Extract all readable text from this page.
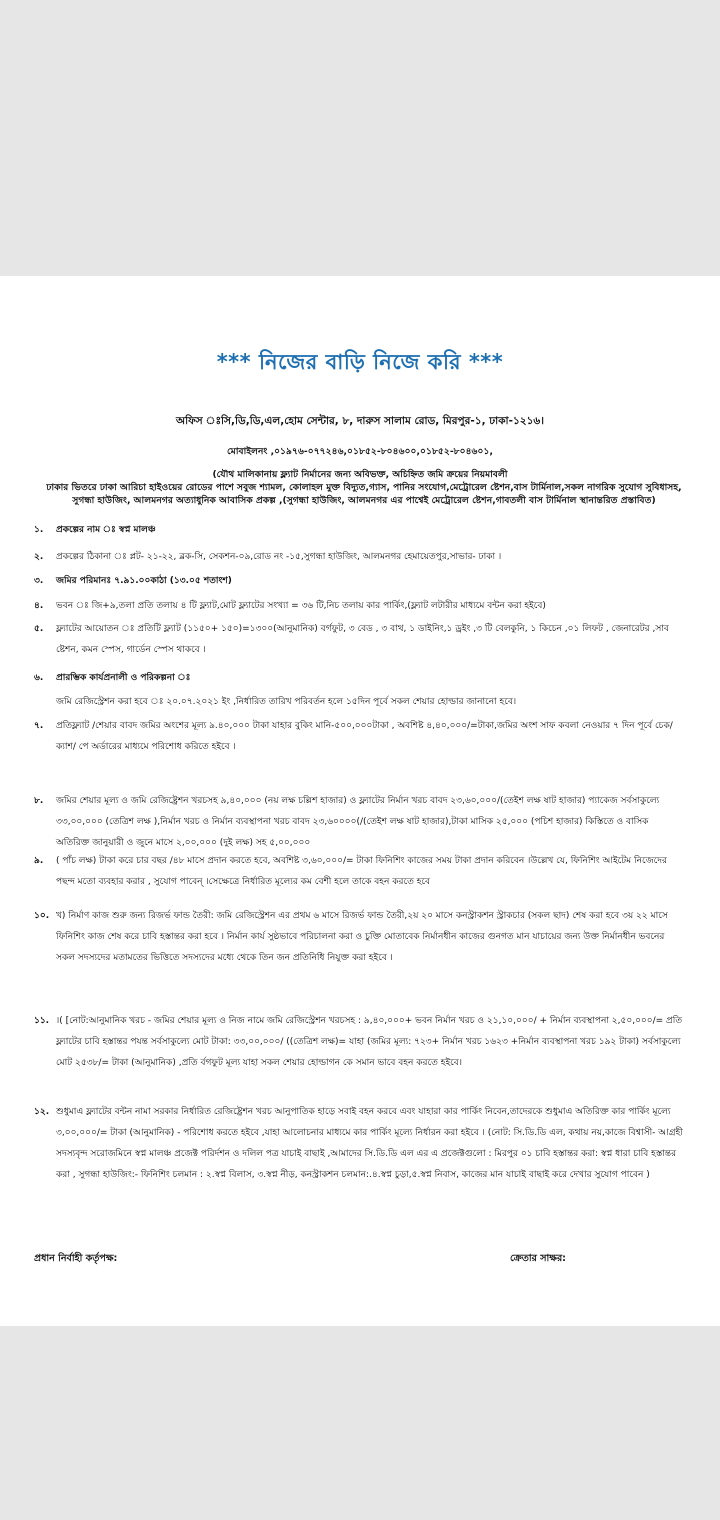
*** নিজের বাড়ি নিজে করি ***
অফিস ঃসি,ডি,ডি,এল,হোম সেন্টার, ৮, দারুস সালাম রোড, মিরপুর-১, ঢাকা-১২১৬।
মোবাইলনং ,০১৯৭৬-০৭৭২৪৬,০১৮৫২-৮০৪৬০০,০১৮৫২-৮০৪৬০১,
(যৌথ মালিকানায় ফ্ল্যাট নির্মানের জন্য অবিভক্ত, অচিহ্নিত জমি ক্রয়ের নিয়মাবলী
ঢাকার ভিতরে ঢাকা আরিচা হাইওয়ের রোডের পাশে সবুজ শ্যামল, কোলাহল মুক্ত বিদ্যুত,গ্যাস, পানির সংযোগ,মেট্রোরেল ষ্টেশন,বাস টার্মিনাল,সকল নাগরিক সুযোগ সুবিধাসহ, সুগন্ধা হাউজিং, আলমনগর অত্যাধুনিক আবাসিক প্রকল্প ,(সুগন্ধা হাউজিং, আলমনগর এর পাশ্বেই মেট্রোরেল ষ্টেশন,গাবতলী বাস টার্মিনাল স্থানান্তরিত প্রস্তাবিত)
১.	প্রকল্পের নাম ঃ স্বপ্ন মালঞ্চ
২.	প্রকল্পের ঠিকানা ঃ প্লট- ২১-২২, ব্লক-সি, সেকশন-০৯,রোড নং -১৫,সুগন্ধা হাউজিং, আলমনগর হেমায়েতপুর,সাভার- ঢাকা ।
৩.	জমির পরিমানঃ ৭.৯১.০০কাঠা (১৩.০৫ শতাংশ)
৪.	ভবন ঃ জি+৯,তলা প্রতি তলায় ৪ টি ফ্ল্যাট,মোট ফ্ল্যাটের সংখ্যা = ৩৬ টি,নিচ তলায় কার পার্কিং,(ফ্ল্যাট লটারীর মাধ্যমে বন্টন করা হইবে)
৫.	ফ্ল্যাটের আয়োতন ঃ প্রতিটি ফ্ল্যাট (১১৫০+ ১৫০)=১৩০০(আনুমানিক) বর্গফুট, ৩ বেড , ৩ বাথ, ১ ডাইনিং,১ ড্রইং ,৩ টি বেলকুনি, ১ কিচেন ,০১ লিফট , জেনারেটর ,সাব ষ্টেশন, কমন স্পেস, গার্ডেন স্পেস থাকবে ।
৬.	প্রারম্ভিক কার্যপ্রনালী ও পরিকল্পনা ঃ
জমি রেজিস্ট্রেশন করা হবে ঃ ২০.০৭.২০২১ ইং ,নির্ধারিত তারিখ পরিবর্তন হলে ১৫দিন পূর্বে সকল শেয়ার হোল্ডার জানানো হবে।
৭.	প্রতিফ্ল্যাট /শেয়ার বাবদ জমির অংশের মূল্য ৯.৪০,০০০ টাকা যাহার বুকিং মানি-৫০০,০০০টাকা , অবশিষ্ট ৪,৪০,০০০/=টাকা,জমির অংশ সাফ কবলা নেওয়ার ৭ দিন পূর্বে চেক/ক্যাশ/ পে অর্ডারের মাধ্যমে পরিশোধ করিতে হইবে ।
৮.	জমির শেয়ার মূল্য ও জমি রেজিষ্ট্রেশন খরচসহ ৯,৪০,০০০ (নয় লক্ষ চল্লিশ হাজার) ও ফ্ল্যাটের নির্মান খরচ বাবদ ২৩,৬০,০০০/(তেইশ লক্ষ ষাট হাজার) প্যাকেজ সর্বসাকুল্যে ৩৩,০০,০০০ (তেত্রিশ লক্ষ ),নির্মান খরচ ও নির্মান ব্যবস্থাপনা খরচ বাবদ ২৩,৬০০০০(/(তেইশ লক্ষ ষাট হাজার),টাকা মাসিক ২৫,০০০ (পচিশ হাজার) কিস্তিতে ও বাসিক অতিরিক্ত জানুয়ারী ও জুনে মাসে ২,০০,০০০ (দুই লক্ষ) সহ ৫,০০,০০০
৯.	( পাঁচ লক্ষ) টাকা করে চার বছর /৪৮ মাসে প্রদান করতে হবে, অবশিষ্ট ৩,৬০,০০০/= টাকা ফিনিশিং কাজের সময় টাকা প্রদান করিবেন ।উল্লেখ যে, ফিনিশিং আইটেম নিজেদের পছন্দ মতো ব্যবহার করার , সুযোগ পাবেন্ ।সেক্ষেত্রে নির্ধারিত মূল্যের কম বেশী হলে তাকে বহন করতে হবে
১০. খ) নির্মাণ কাজ শুরু জন্য রিজর্ভ ফান্ড তৈরী: জমি রেজিস্ট্রেশন এর প্রথম ৬ মাসে রিজর্ভ ফান্ড তৈরী,২য় ২০ মাসে কনস্ট্রাকশন স্ট্রাকচার (সকল ছাদ) শেষ করা হবে ৩য় ২২ মাসে ফিনিশিং কাজ শেষ করে চাবি হস্তান্তর করা হবে । নির্মান কার্য সুষ্ঠভাবে পরিচালনা করা ও চুক্তি মোতাবেক নির্মানধীন কাজের গুনগত মান যাচায়ের জন্য উক্ত নির্মানধীন ভবনের সকল সদস্যদের মতামতের ভিত্তিতে সদস্যদের মধ্যে থেকে তিন জন প্রতিনিধি নিযুক্ত করা হইবে ।
১১. ।( [নোট:আনুমানিক খরচ - জমির শেয়ার মূল্য ও নিজ নামে জমি রেজিস্ট্রেশন খরচসহ : ৯,৪০,০০০+ ভবন নির্মান খরচ ও ২১,১০,০০০/ + নির্মান ব্যবস্থাপনা ২,৫০,০০০/= প্রতি ফ্ল্যাটের চাবি হস্তান্তর পযন্ত সর্বসাকুল্যে মোট টাকা: ৩৩,০০,০০০/ ((তেত্রিশ লক্ষ)= যাহা (জমির মূল্য: ৭২৩+ নির্মান খরচ ১৬২৩ +নির্মান ব্যবস্থাপনা খরচ ১৯২ টাকা) সর্বসাকুল্যে মোট ২৫৩৮/= টাকা (আনুমানিক) ,প্রতি র্বগফুট মূল্য যাহা সকল শেয়ার হোল্ডাগন কে সমান ভাবে বহন করতে হইবে।
১২. শুধুমাএ ফ্ল্যাটের বন্টন নামা সরকার নির্ধারিত রেজিষ্ট্রেশন খরচ আনুপাতিক হাড়ে সবাই বহন করবে এবং যাহারা কার পার্কিং নিবেন,তাদেরকে শুধুমাএ অতিরিক্ত কার পার্কিং মূল্যে ৩,০০,০০০/= টাকা (আনুমানিক) - পরিশোধ করতে হইবে ,যাহা আলোচনার মাধ্যমে কার পার্কিং মূল্যে নির্ধারন করা হইবে । (নোট: সি.ডি.ডি এল, কথায় নয়,কাজে বিশ্বাসী- আগ্রহী সদস্যবৃন্দ সরোজমিনে স্বপ্ন মালঞ্চ প্রজেক্ট পরির্দশন ও দলিল পত্র যাচাই বাছাই ,আমাদের সি.ডি.ডি এল এর এ প্রজেক্টগুলো : মিরপুর ০১ চাবি হস্তান্তর করা: স্বপ্ন ধারা চাবি হস্তান্তর করা , সুগন্ধা হাউজিং:- ফিনিশিং চলমান : ২.স্বপ্ন বিলাস, ৩.স্বপ্ন নীড়, কনস্ট্রাকশন চলমান:.৪.স্বপ্ন চুড়া,৫.স্বপ্ন নিবাস, কাজের মান যাচাই বাছাই করে দেখার সুযোগ পাবেন )
প্রধান নির্বাহী কর্তৃপক্ষ:	ক্রেতার সাক্ষর:
